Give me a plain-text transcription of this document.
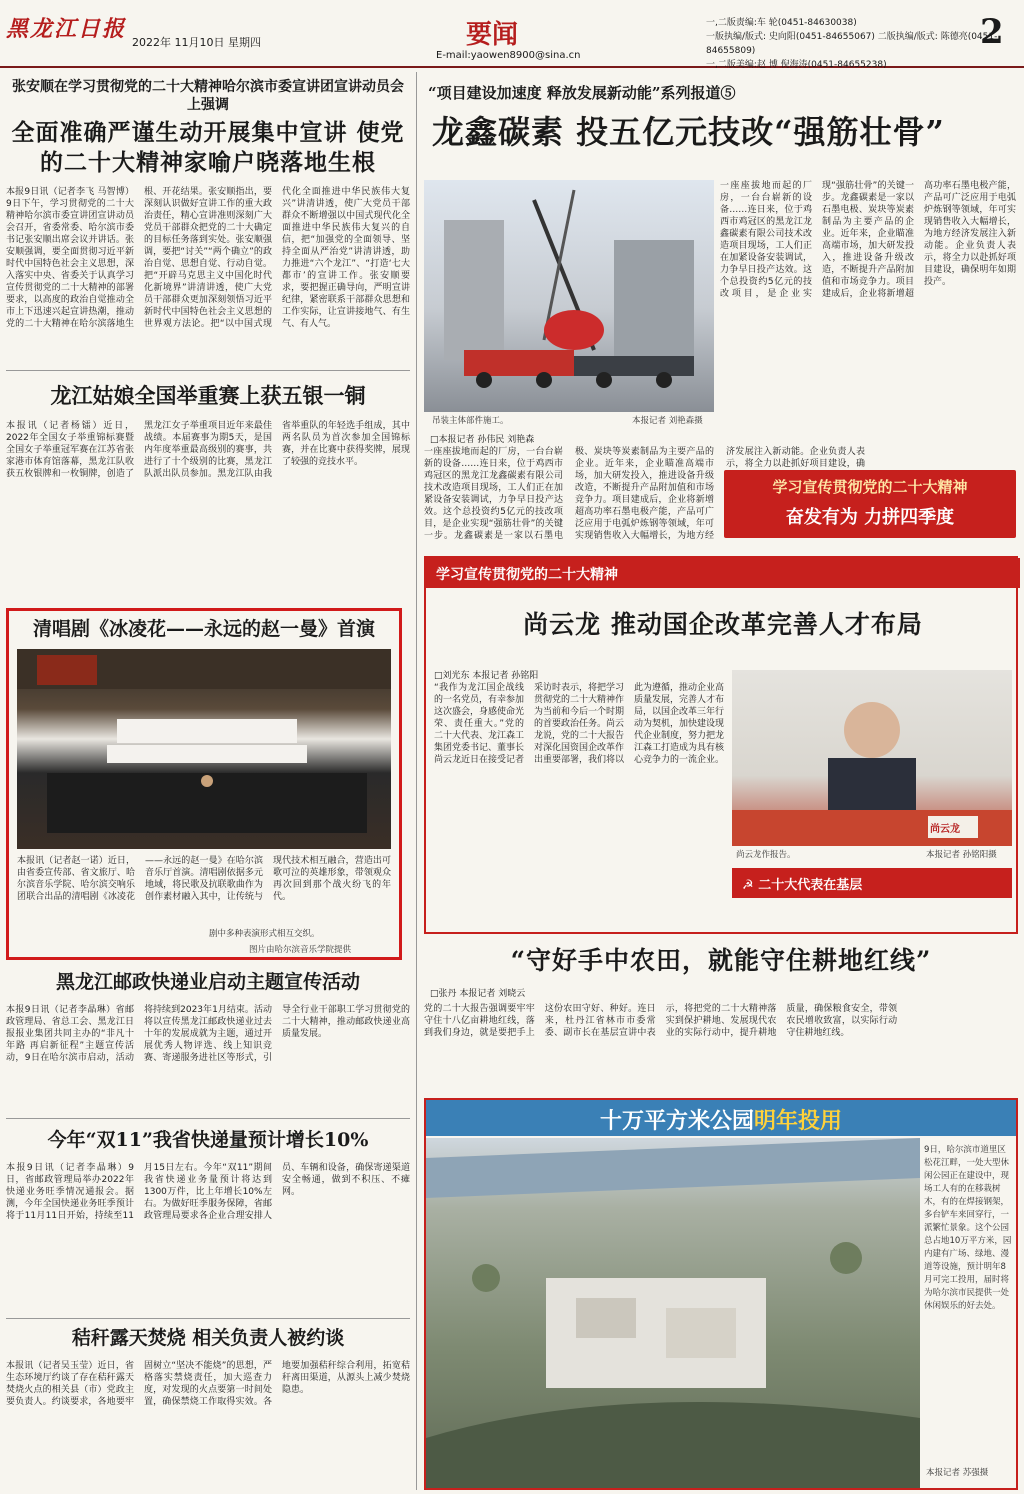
黑龙江日报
2022年 11月10日 星期四	要闻
E-mail:yaowen8900@sina.cn
一,二版责编:车 轮(0451-84630038)
一版执编/版式: 史向阳(0451-84655067) 二版执编/版式: 陈德亮(0451-84655809)
一,二版美编:赵 博 倪海涛(0451-84655238)
2
张安顺在学习贯彻党的二十大精神哈尔滨市委宣讲团宣讲动员会上强调
全面准确严谨生动开展集中宣讲 使党的二十大精神家喻户晓落地生根
本报9日讯（记者李飞 马智博）9日下午，学习贯彻党的二十大精神哈尔滨市委宣讲团宣讲动员会召开，省委常委、哈尔滨市委书记张安顺出席会议并讲话。张安顺强调，要全面贯彻习近平新时代中国特色社会主义思想，深入落实中央、省委关于认真学习宣传贯彻党的二十大精神的部署要求，以高度的政治自觉推动全市上下迅速兴起宣讲热潮，推动党的二十大精神在哈尔滨落地生根、开花结果。张安顺指出，要深刻认识做好宣讲工作的重大政治责任，精心宣讲准则深刻广大党员干部群众把党的二十大确定的目标任务落到实处。张安顺强调，要把“讨关”“两个确立”的政治自觉、思想自觉、行动自觉。把“开辟马克思主义中国化时代化新境界”讲清讲透，使广大党员干部群众更加深刻领悟习近平新时代中国特色社会主义思想的世界观方法论。把“以中国式现代化全面推进中华民族伟大复兴”讲清讲透，使广大党员干部群众不断增强以中国式现代化全面推进中华民族伟大复兴的自信，把“加强党的全面领导、坚持全面从严治党”讲清讲透，助力推进“六个龙江”、“打造‘七大都市’的宣讲工作。张安顺要求，要把握正确导向，严明宣讲纪律，紧密联系干部群众思想和工作实际，让宣讲接地气、有生气、有人气。
龙江姑娘全国举重赛上获五银一铜
本报讯（记者杨镭）近日，2022年全国女子举重锦标赛暨全国女子举重冠军赛在江苏省张家港市体育馆落幕，黑龙江队收获五枚银牌和一枚铜牌，创造了黑龙江女子举重项目近年来最佳战绩。本届赛事为期5天，是国内年度举重最高级别的赛事，共进行了十个级别的比赛，黑龙江队派出队员参加。黑龙江队由我省举重队的年轻选手组成，其中两名队员为首次参加全国锦标赛，并在比赛中获得奖牌，展现了较强的竞技水平。
清唱剧《冰凌花——永远的赵一曼》首演
本报讯（记者赵一诺）近日，由省委宣传部、省文旅厅、哈尔滨音乐学院、哈尔滨交响乐团联合出品的清唱剧《冰凌花——永远的赵一曼》在哈尔滨音乐厅首演。清唱剧依据多元地域，将民歌及抗联歌曲作为创作素材融入其中，让传统与现代技术相互融合，营造出可歌可泣的英雄形象，带领观众再次回到那个战火纷飞的年代。
剧中多种表演形式相互交织。
图片由哈尔滨音乐学院提供
黑龙江邮政快递业启动主题宣传活动
本报9日讯（记者李晶琳）省邮政管理局、省总工会、黑龙江日报报业集团共同主办的“非凡十年路 再启新征程”主题宣传活动，9日在哈尔滨市启动，活动将持续到2023年1月结束。活动将以宣传黑龙江邮政快递业过去十年的发展成就为主题，通过开展优秀人物评选、线上知识竞赛、寄递服务进社区等形式，引导全行业干部职工学习贯彻党的二十大精神，推动邮政快递业高质量发展。
今年“双11”我省快递量预计增长10%
本报9日讯（记者李晶琳）9日，省邮政管理局举办2022年快递业务旺季情况通报会。据测，今年全国快递业务旺季预计将于11月11日开始，持续至11月15日左右。今年“双11”期间我省快递业务量预计将达到1300万件，比上年增长10%左右。为做好旺季服务保障，省邮政管理局要求各企业合理安排人员、车辆和设备，确保寄递渠道安全畅通，做到不积压、不瘫网。
秸秆露天焚烧 相关负责人被约谈
本报讯（记者吴玉莹）近日，省生态环境厅约谈了存在秸秆露天焚烧火点的相关县（市）党政主要负责人。约谈要求，各地要牢固树立“坚决不能烧”的思想，严格落实禁烧责任，加大巡查力度，对发现的火点要第一时间处置，确保禁烧工作取得实效。各地要加强秸秆综合利用，拓宽秸秆离田渠道，从源头上减少焚烧隐患。
“项目建设加速度 释放发展新动能”系列报道⑤
龙鑫碳素 投五亿元技改“强筋壮骨”
吊装主体部件施工。	本报记者 刘艳森摄
□本报记者 孙伟民 刘艳森
一座座拔地而起的厂房，一台台崭新的设备……连日来，位于鸡西市鸡冠区的黑龙江龙鑫碳素有限公司技术改造项目现场，工人们正在加紧设备安装调试，力争早日投产达效。这个总投资约5亿元的技改项目，是企业实现“强筋壮骨”的关键一步。龙鑫碳素是一家以石墨电极、炭块等炭素制品为主要产品的企业。近年来，企业瞄准高端市场，加大研发投入，推进设备升级改造，不断提升产品附加值和市场竞争力。项目建成后，企业将新增超高功率石墨电极产能，产品可广泛应用于电弧炉炼钢等领域，年可实现销售收入大幅增长，为地方经济发展注入新动能。企业负责人表示，将全力以赴抓好项目建设，确
一座座拔地而起的厂房，一台台崭新的设备……连日来，位于鸡西市鸡冠区的黑龙江龙鑫碳素有限公司技术改造项目现场，工人们正在加紧设备安装调试，力争早日投产达效。这个总投资约5亿元的技改项目，是企业实现“强筋壮骨”的关键一步。龙鑫碳素是一家以石墨电极、炭块等炭素制品为主要产品的企业。近年来，企业瞄准高端市场，加大研发投入，推进设备升级改造，不断提升产品附加值和市场竞争力。项目建成后，企业将新增超高功率石墨电极产能，产品可广泛应用于电弧炉炼钢等领域，年可实现销售收入大幅增长，为地方经济发展注入新动能。企业负责人表示，将全力以赴抓好项目建设，确保明年如期投产。
学习宣传贯彻党的二十大精神
奋发有为 力拼四季度
学习宣传贯彻党的二十大精神
尚云龙 推动国企改革完善人才布局
□刘光东 本报记者 孙铭阳
“我作为龙江国企战线的一名党员，有幸参加这次盛会，身感使命光荣、责任重大。”党的二十大代表、龙江森工集团党委书记、董事长尚云龙近日在接受记者采访时表示，将把学习贯彻党的二十大精神作为当前和今后一个时期的首要政治任务。尚云龙说，党的二十大报告对深化国资国企改革作出重要部署，我们将以此为遵循，推动企业高质量发展，完善人才布局，以国企改革三年行动为契机，加快建设现代企业制度，努力把龙江森工打造成为具有核心竞争力的一流企业。
尚云龙
尚云龙作报告。	本报记者 孙铭阳摄
☭ 二十大代表在基层
“守好手中农田，就能守住耕地红线”
□张丹 本报记者 刘晓云
党的二十大报告强调要牢牢守住十八亿亩耕地红线，落到我们身边，就是要把手上这份农田守好、种好。连日来，杜丹江省林市市委常委、副市长在基层宣讲中表示，将把党的二十大精神落实到保护耕地、发展现代农业的实际行动中，提升耕地质量，确保粮食安全，带领农民增收致富，以实际行动守住耕地红线。
十万平方米公园明年投用
9日，哈尔滨市道里区松花江畔，一处大型休闲公园正在建设中，现场工人有的在移栽树木，有的在焊接钢架，多台铲车来回穿行，一派繁忙景象。这个公园总占地10万平方米，园内建有广场、绿地、漫道等设施，预计明年8月可完工投用，届时将为哈尔滨市民提供一处休闲娱乐的好去处。
本报记者 苏强摄
